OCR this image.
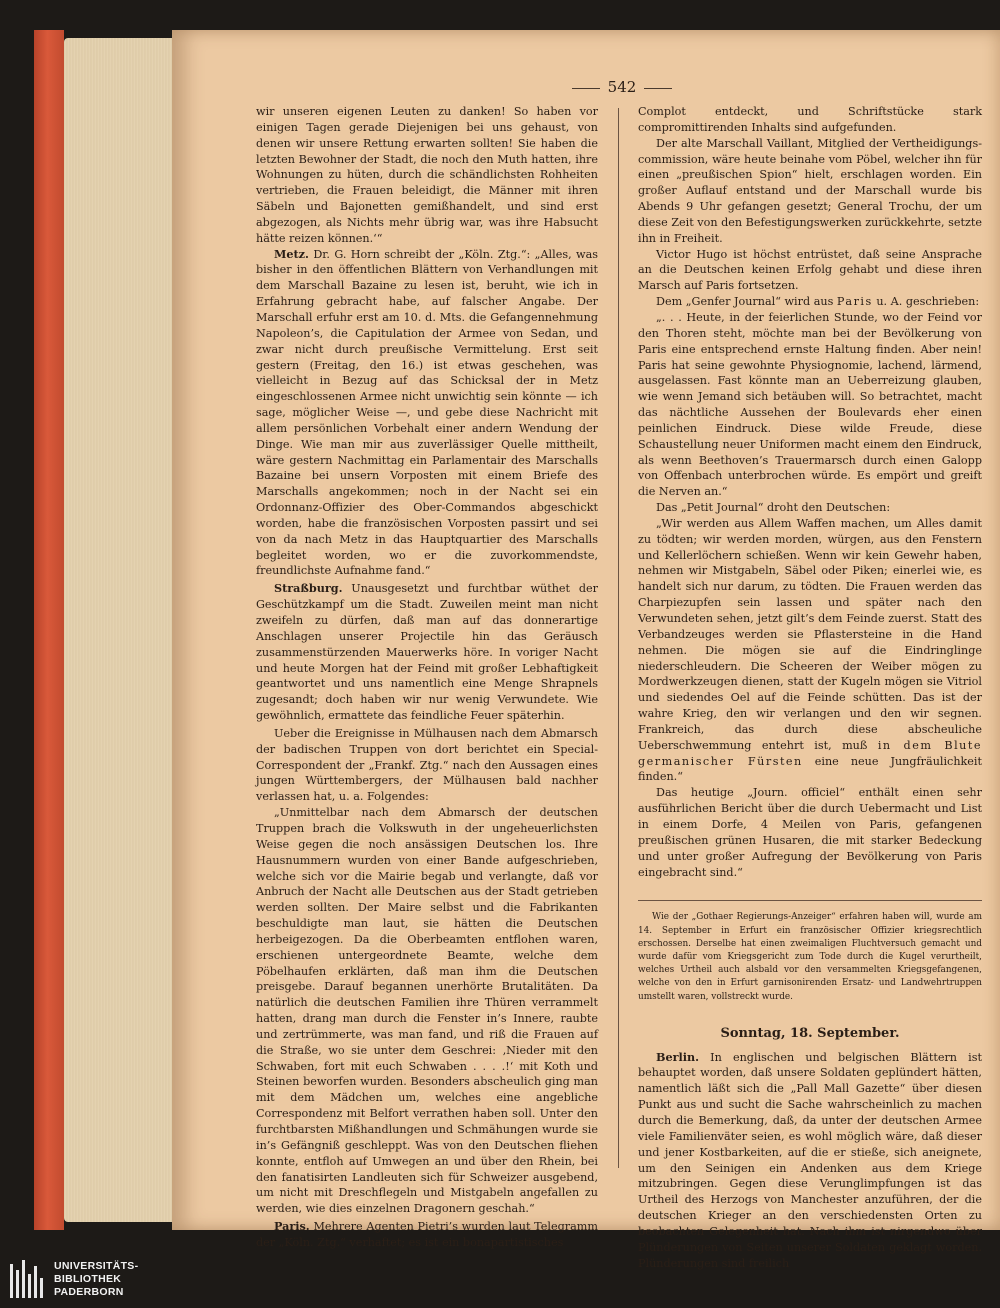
542

wir unseren eigenen Leuten zu danken! So haben vor einigen Tagen gerade Diejenigen bei uns gehaust, von denen wir unsere Rettung erwarten sollten! Sie haben die letzten Bewohner der Stadt, die noch den Muth hatten, ihre Wohnungen zu hüten, durch die schändlichsten Rohheiten vertrieben, die Frauen beleidigt, die Männer mit ihren Säbeln und Bajonetten gemißhandelt, und sind erst abgezogen, als Nichts mehr übrig war, was ihre Habsucht hätte reizen können.‘“

Metz. Dr. G. Horn schreibt der „Köln. Ztg.“: „Alles, was bisher in den öffentlichen Blättern von Verhandlungen mit dem Marschall Bazaine zu lesen ist, beruht, wie ich in Erfahrung gebracht habe, auf falscher Angabe. Der Marschall erfuhr erst am 10. d. Mts. die Gefangennehmung Napoleon’s, die Capitulation der Armee von Sedan, und zwar nicht durch preußische Vermittelung. Erst seit gestern (Freitag, den 16.) ist etwas geschehen, was vielleicht in Bezug auf das Schicksal der in Metz eingeschlossenen Armee nicht unwichtig sein könnte — ich sage, möglicher Weise —, und gebe diese Nachricht mit allem persönlichen Vorbehalt einer andern Wendung der Dinge. Wie man mir aus zuverlässiger Quelle mittheilt, wäre gestern Nachmittag ein Parlamentair des Marschalls Bazaine bei unsern Vorposten mit einem Briefe des Marschalls angekommen; noch in der Nacht sei ein Ordonnanz-Offizier des Ober-Commandos abgeschickt worden, habe die französischen Vorposten passirt und sei von da nach Metz in das Hauptquartier des Marschalls begleitet worden, wo er die zuvorkommendste, freundlichste Aufnahme fand.“

Straßburg. Unausgesetzt und furchtbar wüthet der Geschützkampf um die Stadt. Zuweilen meint man nicht zweifeln zu dürfen, daß man auf das donnerartige Anschlagen unserer Projectile hin das Geräusch zusammenstürzenden Mauerwerks höre. In voriger Nacht und heute Morgen hat der Feind mit großer Lebhaftigkeit geantwortet und uns namentlich eine Menge Shrapnels zugesandt; doch haben wir nur wenig Verwundete. Wie gewöhnlich, ermattete das feindliche Feuer späterhin.

Ueber die Ereignisse in Mülhausen nach dem Abmarsch der badischen Truppen von dort berichtet ein Special-Correspondent der „Frankf. Ztg.“ nach den Aussagen eines jungen Württembergers, der Mülhausen bald nachher verlassen hat, u. a. Folgendes:

„Unmittelbar nach dem Abmarsch der deutschen Truppen brach die Volkswuth in der ungeheuerlichsten Weise gegen die noch ansässigen Deutschen los. Ihre Hausnummern wurden von einer Bande aufgeschrieben, welche sich vor die Mairie begab und verlangte, daß vor Anbruch der Nacht alle Deutschen aus der Stadt getrieben werden sollten. Der Maire selbst und die Fabrikanten beschuldigte man laut, sie hätten die Deutschen herbeigezogen. Da die Oberbeamten entflohen waren, erschienen untergeordnete Beamte, welche dem Pöbelhaufen erklärten, daß man ihm die Deutschen preisgebe. Darauf begannen unerhörte Brutalitäten. Da natürlich die deutschen Familien ihre Thüren verrammelt hatten, drang man durch die Fenster in’s Innere, raubte und zertrümmerte, was man fand, und riß die Frauen auf die Straße, wo sie unter dem Geschrei: ‚Nieder mit den Schwaben, fort mit euch Schwaben . . . .!‘ mit Koth und Steinen beworfen wurden. Besonders abscheulich ging man mit dem Mädchen um, welches eine angebliche Correspondenz mit Belfort verrathen haben soll. Unter den furchtbarsten Mißhandlungen und Schmähungen wurde sie in’s Gefängniß geschleppt. Was von den Deutschen fliehen konnte, entfloh auf Umwegen an und über den Rhein, bei den fanatisirten Landleuten sich für Schweizer ausgebend, um nicht mit Dreschflegeln und Mistgabeln angefallen zu werden, wie dies einzelnen Dragonern geschah.“

Paris. Mehrere Agenten Pietri’s wurden laut Telegramm der „Köln. Ztg.“ verhaftet; es ist ein bonapartistisches

Complot entdeckt, und Schriftstücke stark compromittirenden Inhalts sind aufgefunden.

Der alte Marschall Vaillant, Mitglied der Vertheidigungs-commission, wäre heute beinahe vom Pöbel, welcher ihn für einen „preußischen Spion“ hielt, erschlagen worden. Ein großer Auflauf entstand und der Marschall wurde bis Abends 9 Uhr gefangen gesetzt; General Trochu, der um diese Zeit von den Befestigungswerken zurückkehrte, setzte ihn in Freiheit.

Victor Hugo ist höchst entrüstet, daß seine Ansprache an die Deutschen keinen Erfolg gehabt und diese ihren Marsch auf Paris fortsetzen.

Dem „Genfer Journal“ wird aus Paris u. A. geschrieben:

„. . . Heute, in der feierlichen Stunde, wo der Feind vor den Thoren steht, möchte man bei der Bevölkerung von Paris eine entsprechend ernste Haltung finden. Aber nein! Paris hat seine gewohnte Physiognomie, lachend, lärmend, ausgelassen. Fast könnte man an Ueberreizung glauben, wie wenn Jemand sich betäuben will. So betrachtet, macht das nächtliche Aussehen der Boulevards eher einen peinlichen Eindruck. Diese wilde Freude, diese Schaustellung neuer Uniformen macht einem den Eindruck, als wenn Beethoven’s Trauermarsch durch einen Galopp von Offenbach unterbrochen würde. Es empört und greift die Nerven an.“

Das „Petit Journal“ droht den Deutschen:

„Wir werden aus Allem Waffen machen, um Alles damit zu tödten; wir werden morden, würgen, aus den Fenstern und Kellerlöchern schießen. Wenn wir kein Gewehr haben, nehmen wir Mistgabeln, Säbel oder Piken; einerlei wie, es handelt sich nur darum, zu tödten. Die Frauen werden das Charpiezupfen sein lassen und später nach den Verwundeten sehen, jetzt gilt’s dem Feinde zuerst. Statt des Verbandzeuges werden sie Pflastersteine in die Hand nehmen. Die mögen sie auf die Eindringlinge niederschleudern. Die Scheeren der Weiber mögen zu Mordwerkzeugen dienen, statt der Kugeln mögen sie Vitriol und siedendes Oel auf die Feinde schütten. Das ist der wahre Krieg, den wir verlangen und den wir segnen. Frankreich, das durch diese abscheuliche Ueberschwemmung entehrt ist, muß in dem Blute germanischer Fürsten eine neue Jungfräulichkeit finden.“

Das heutige „Journ. officiel“ enthält einen sehr ausführlichen Bericht über die durch Uebermacht und List in einem Dorfe, 4 Meilen von Paris, gefangenen preußischen grünen Husaren, die mit starker Bedeckung und unter großer Aufregung der Bevölkerung von Paris eingebracht sind.“

Wie der „Gothaer Regierungs-Anzeiger“ erfahren haben will, wurde am 14. September in Erfurt ein französischer Offizier kriegsrechtlich erschossen. Derselbe hat einen zweimaligen Fluchtversuch gemacht und wurde dafür vom Kriegsgericht zum Tode durch die Kugel verurtheilt, welches Urtheil auch alsbald vor den versammelten Kriegsgefangenen, welche von den in Erfurt garnisonirenden Ersatz- und Landwehrtruppen umstellt waren, vollstreckt wurde.

Sonntag, 18. September.

Berlin. In englischen und belgischen Blättern ist behauptet worden, daß unsere Soldaten geplündert hätten, namentlich läßt sich die „Pall Mall Gazette“ über diesen Punkt aus und sucht die Sache wahrscheinlich zu machen durch die Bemerkung, daß, da unter der deutschen Armee viele Familienväter seien, es wohl möglich wäre, daß dieser und jener Kostbarkeiten, auf die er stieße, sich aneignete, um den Seinigen ein Andenken aus dem Kriege mitzubringen. Gegen diese Verunglimpfungen ist das Urtheil des Herzogs von Manchester anzuführen, der die deutschen Krieger an den verschiedensten Orten zu beobachten Gelegenheit hat. Nach ihm ist nirgendwo über Plünderungen von Seiten unserer Soldaten geklagt worden. Plünderungen sind freilich

UNIVERSITÄTS-
BIBLIOTHEK
PADERBORN
